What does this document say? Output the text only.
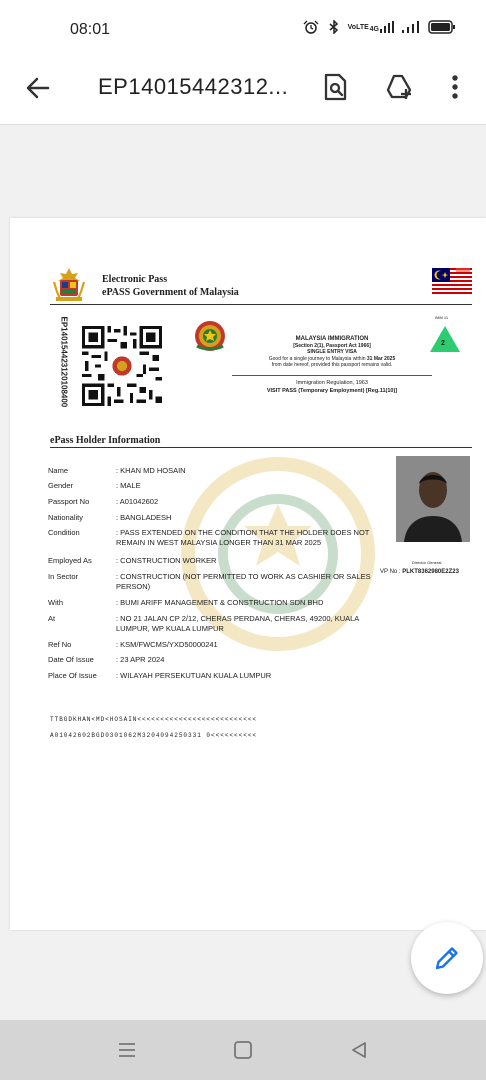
08:01	VoLTE 4G
EP14015442312...
Electronic Pass
ePASS Government of Malaysia
EP140154423120108400	MALAYSIA IMMIGRATION
[Section 2(1), Passport Act 1966]
SINGLE ENTRY VISA
Good for a single journey to Malaysia within 31 Mar 2025
from date hereof, provided this passport remains valid.
Immigration Regulation, 1963
VISIT PASS (Temporary Employment) [Reg.11(10)]
IMM 11
2
ePass Holder Information
Name	: KHAN MD HOSAIN
Gender	: MALE
Passport No	: A01042602
Nationality	: BANGLADESH
Condition	: PASS EXTENDED ON THE CONDITION THAT THE HOLDER DOES NOT REMAIN IN WEST MALAYSIA LONGER THAN 31 MAR 2025
Employed As	: CONSTRUCTION WORKER
In Sector	: CONSTRUCTION (NOT PERMITTED TO WORK AS CASHIER OR SALES PERSON)
With	: BUMI ARIFF MANAGEMENT & CONSTRUCTION SDN BHD
At	: NO 21 JALAN CP 2/12, CHERAS PERDANA, CHERAS, 49200, KUALA LUMPUR, WP KUALA LUMPUR
Ref No	: KSM/FWCMS/YXD50000241
Date Of Issue	: 23 APR 2024
Place Of Issue	: WILAYAH PERSEKUTUAN KUALA LUMPUR
Director General
VP No : PLKT8362980E2Z23
TTBGDKHAN<MD<HOSAIN<<<<<<<<<<<<<<<<<<<<<<<<<<
A01042602BGD0301062M3204094250331 0<<<<<<<<<<
